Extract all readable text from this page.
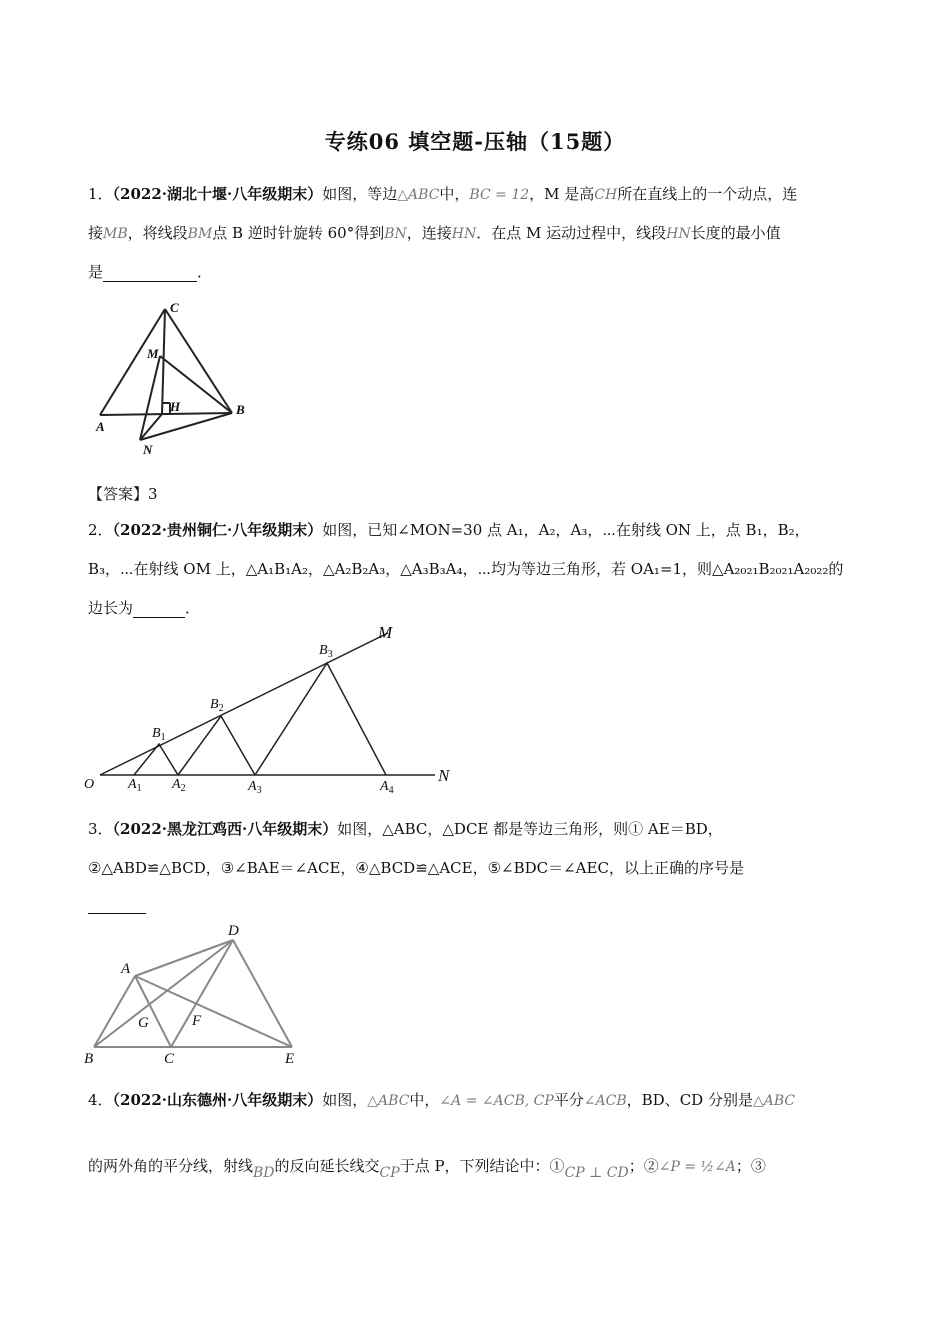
专练06 填空题-压轴（15题）
1．（2022·湖北十堰·八年级期末）如图，等边△ABC中，BC = 12，M 是高CH所在直线上的一个动点，连
接MB，将线段BM点 B 逆时针旋转 60°得到BN，连接HN．在点 M 运动过程中，线段HN长度的最小值
是	．
C
M
H
A
B
N
【答案】3
2．（2022·贵州铜仁·八年级期末）如图，已知∠MON=30 点 A₁，A₂，A₃，⋯在射线 ON 上，点 B₁，B₂，
B₃，⋯在射线 OM 上，△A₁B₁A₂，△A₂B₂A₃，△A₃B₃A₄，⋯均为等边三角形，若 OA₁=1，则△A₂₀₂₁B₂₀₂₁A₂₀₂₂的
边长为	．
O
M
N
$A_1$ $A_2$	$A_3$	$A_4$
$B_1$
$B_2$
$B_3$
3．（2022·黑龙江鸡西·八年级期末）如图，△ABC，△DCE 都是等边三角形，则① AE＝BD，
②△ABD≌△BCD，③∠BAE＝∠ACE，④△BCD≌△ACE，⑤∠BDC＝∠AEC，以上正确的序号是
A
B	C
D
E
F
G
4．（2022·山东德州·八年级期末）如图，△ABC中，∠A = ∠ACB, CP平分∠ACB，BD、CD 分别是△ABC
的两外角的平分线，射线BD的反向延长线交CP于点 P，下列结论中：①CP ⊥ CD；②∠P = ½∠A；③
